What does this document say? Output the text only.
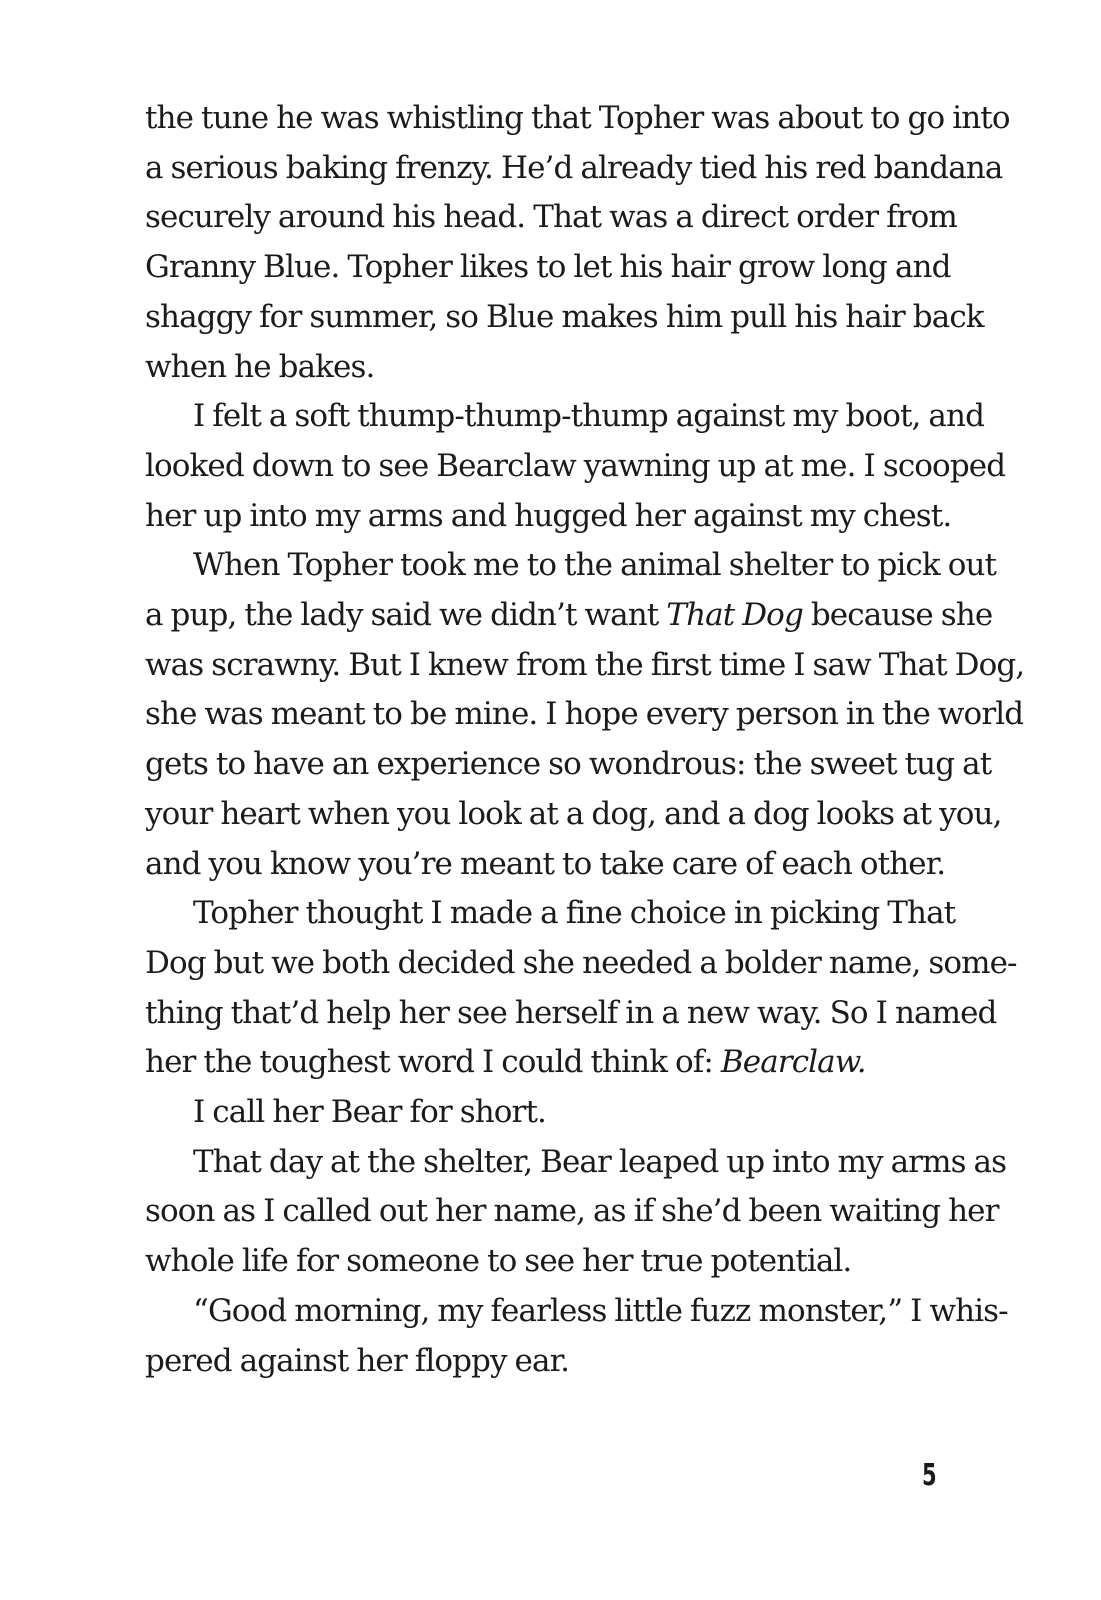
the tune he was whistling that Topher was about to go into
a serious baking frenzy. He’d already tied his red bandana
securely around his head. That was a direct order from
Granny Blue. Topher likes to let his hair grow long and
shaggy for summer, so Blue makes him pull his hair back
when he bakes.
I felt a soft thump-thump-thump against my boot, and
looked down to see Bearclaw yawning up at me. I scooped
her up into my arms and hugged her against my chest.
When Topher took me to the animal shelter to pick out
a pup, the lady said we didn’t want That Dog because she
was scrawny. But I knew from the first time I saw That Dog,
she was meant to be mine. I hope every person in the world
gets to have an experience so wondrous: the sweet tug at
your heart when you look at a dog, and a dog looks at you,
and you know you’re meant to take care of each other.
Topher thought I made a fine choice in picking That
Dog but we both decided she needed a bolder name, some-
thing that’d help her see herself in a new way. So I named
her the toughest word I could think of: Bearclaw.
I call her Bear for short.
That day at the shelter, Bear leaped up into my arms as
soon as I called out her name, as if she’d been waiting her
whole life for someone to see her true potential.
“Good morning, my fearless little fuzz monster,” I whis-
pered against her floppy ear.
5
